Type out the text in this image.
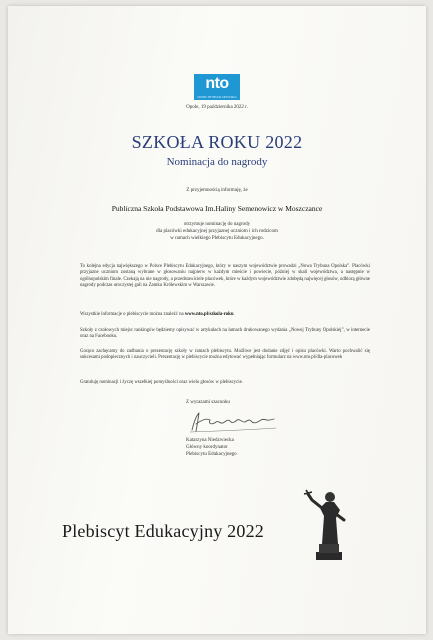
nto
NOWA TRYBUNA OPOLSKA
Opole, 19 października 2022 r.
SZKOŁA ROKU 2022
Nominacja do nagrody
Z przyjemnością informuję, że
Publiczna Szkoła Podstawowa Im.Haliny Semenowicz w Moszczance
otrzymuje nominację do nagrody
dla placówki edukacyjnej przyjaznej uczniom i ich rodzicom
w ramach wielkiego Plebiscytu Edukacyjnego.
To kolejna edycja największego w Polsce Plebiscytu Edukacyjnego, który w naszym województwie prowadzi „Nowa Trybuna Opolska”. Placówki przyjazne uczniom zostaną wybrane w głosowaniu najpierw w każdym mieście i powiecie, później w skali województwa, a następnie w ogólnopolskim finale. Czekają na nie nagrody, a przedstawiciele placówek, które w każdym województwie zdobędą najwięcej głosów, odbiorą główne nagrody podczas uroczystej gali na Zamku Królewskim w Warszawie.
Wszystkie informacje o plebiscycie można znaleźć na www.nto.pl/szkola-roku
Szkoły z czołowych miejsc rankingów będziemy opisywać w artykułach na łamach drukowanego wydania „Nowej Trybuny Opolskiej”, w internecie oraz na Facebooku.
Gorąco zachęcamy do zadbania o prezentację szkoły w ramach plebiscytu. Możliwe jest dodanie zdjęć i opisu placówki. Warto pochwalić się sukcesami podopiecznych i nauczycieli. Prezentację w plebiscycie można edytować wypełniając formularz na www.nto.pl/dla-placowek
Gratuluję nominacji i życzę wszelkiej pomyślności oraz wielu głosów w plebiscycie.
Z wyrazami szacunku
Katarzyna Niedzwiecka
Główny koordynator
Plebiscytu Edukacyjnego
Plebiscyt Edukacyjny 2022
